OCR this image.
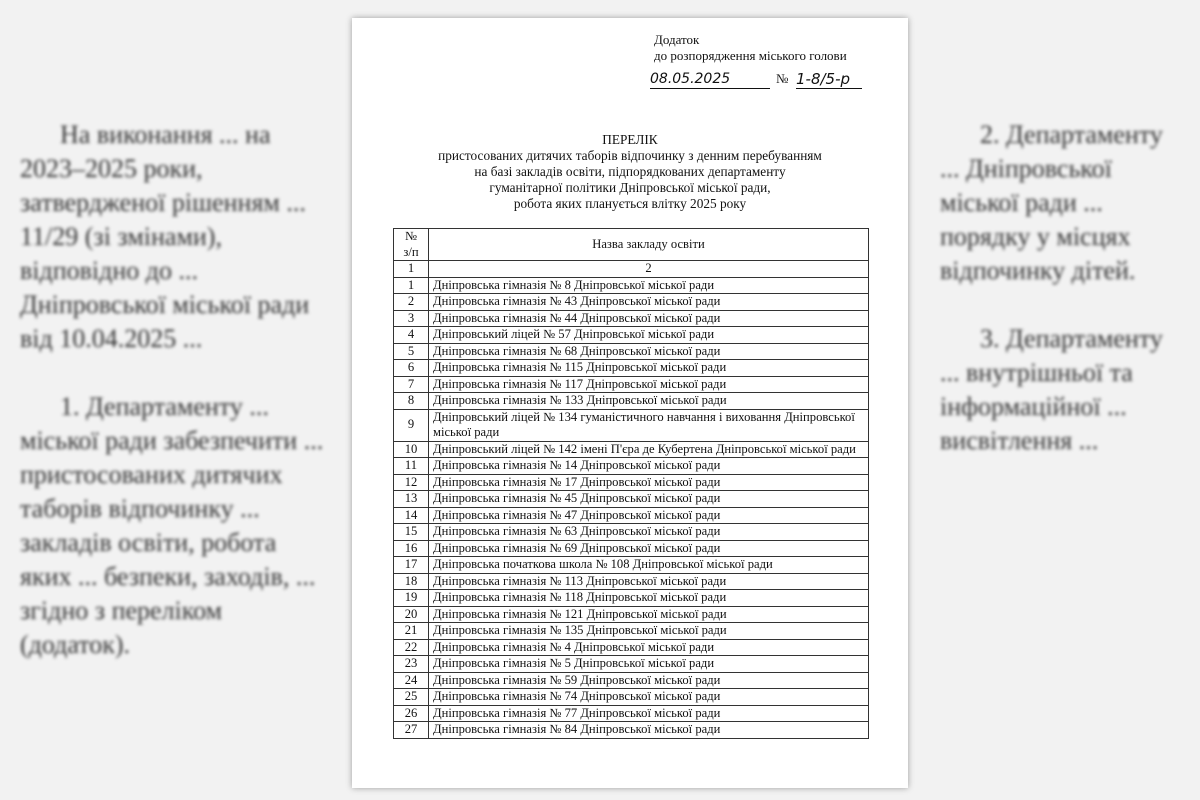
На виконання ... на 2023–2025 роки, затвердженої рішенням ... 11/29 (зі змінами), відповідно до ... Дніпровської міської ради від 10.04.2025 ...

1. Департаменту ... міської ради забезпечити ... пристосованих дитячих таборів відпочинку ... закладів освіти, робота яких ... безпеки, заходів, ... згідно з переліком (додаток).

2. Департаменту ... Дніпровської міської ради ... порядку у місцях відпочинку дітей.

3. Департаменту ... внутрішньої та інформаційної ... висвітлення ...

Додаток
до розпорядження міського голови
08.05.2025	№ 1-8/5-р
ПЕРЕЛІК
пристосованих дитячих таборів відпочинку з денним перебуванням
на базі закладів освіти, підпорядкованих департаменту
гуманітарної політики Дніпровської міської ради,
робота яких планується влітку 2025 року
№
з/п	Назва закладу освіти
1	2
1	Дніпровська гімназія № 8 Дніпровської міської ради
2	Дніпровська гімназія № 43 Дніпровської міської ради
3	Дніпровська гімназія № 44 Дніпровської міської ради
4	Дніпровський ліцей № 57 Дніпровської міської ради
5	Дніпровська гімназія № 68 Дніпровської міської ради
6	Дніпровська гімназія № 115 Дніпровської міської ради
7	Дніпровська гімназія № 117 Дніпровської міської ради
8	Дніпровська гімназія № 133 Дніпровської міської ради
9	Дніпровський ліцей № 134 гуманістичного навчання і виховання Дніпровської міської ради
10	Дніпровський ліцей № 142 імені П'єра де Кубертена Дніпровської міської ради
11	Дніпровська гімназія № 14 Дніпровської міської ради
12	Дніпровська гімназія № 17 Дніпровської міської ради
13	Дніпровська гімназія № 45 Дніпровської міської ради
14	Дніпровська гімназія № 47 Дніпровської міської ради
15	Дніпровська гімназія № 63 Дніпровської міської ради
16	Дніпровська гімназія № 69 Дніпровської міської ради
17	Дніпровська початкова школа № 108 Дніпровської міської ради
18	Дніпровська гімназія № 113 Дніпровської міської ради
19	Дніпровська гімназія № 118 Дніпровської міської ради
20	Дніпровська гімназія № 121 Дніпровської міської ради
21	Дніпровська гімназія № 135 Дніпровської міської ради
22	Дніпровська гімназія № 4 Дніпровської міської ради
23	Дніпровська гімназія № 5 Дніпровської міської ради
24	Дніпровська гімназія № 59 Дніпровської міської ради
25	Дніпровська гімназія № 74 Дніпровської міської ради
26	Дніпровська гімназія № 77 Дніпровської міської ради
27	Дніпровська гімназія № 84 Дніпровської міської ради
